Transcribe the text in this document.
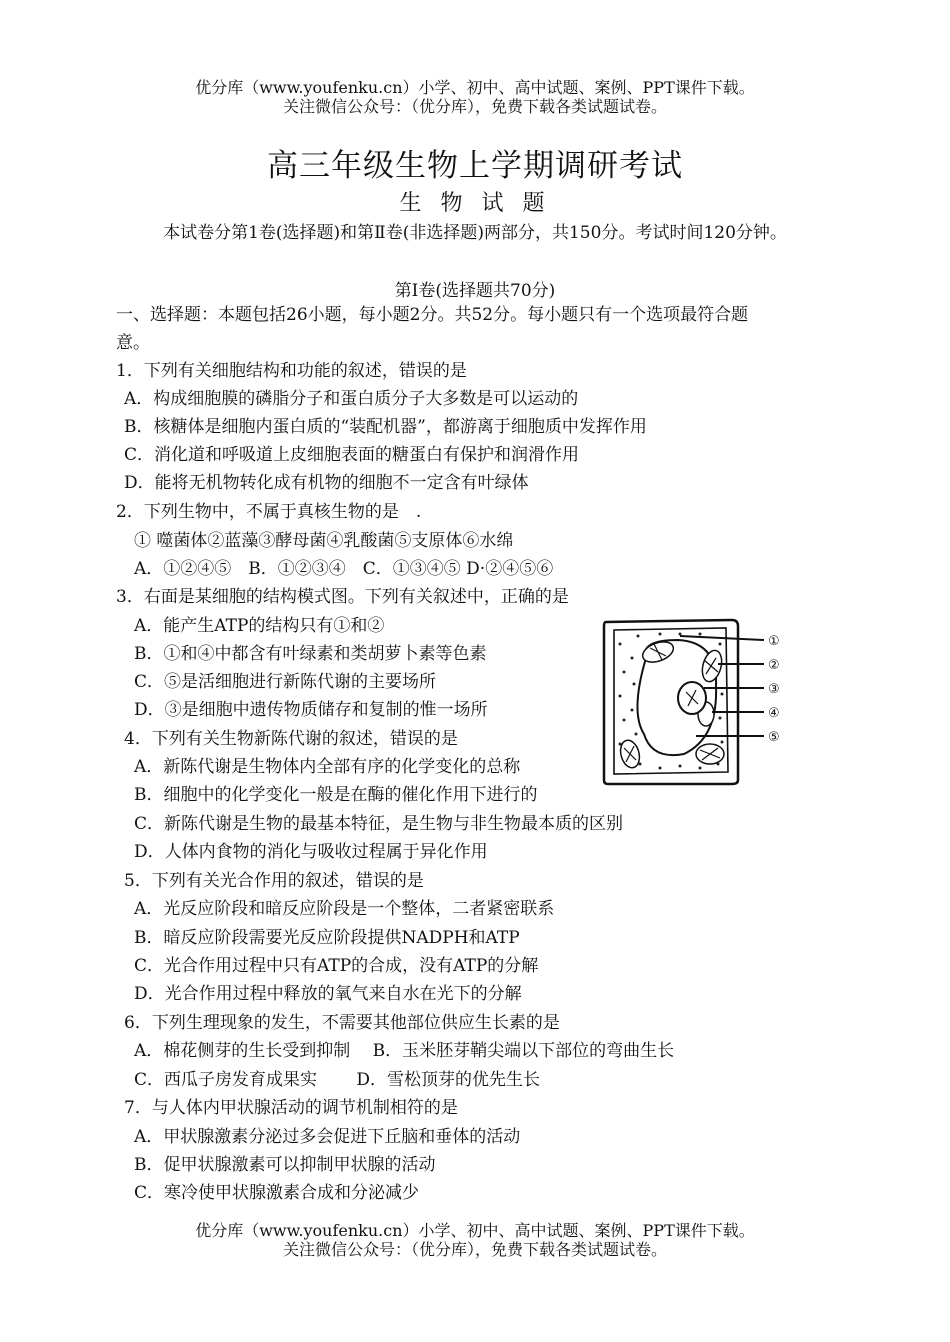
优分库（www.youfenku.cn）小学、初中、高中试题、案例、PPT课件下载。
关注微信公众号：（优分库），免费下载各类试题试卷。
高三年级生物上学期调研考试
生 物 试 题
本试卷分第1卷(选择题)和第Ⅱ卷(非选择题)两部分，共150分。考试时间120分钟。
第Ⅰ卷(选择题共70分)
一、选择题：本题包括26小题，每小题2分。共52分。每小题只有一个选项最符合题
意。
1．下列有关细胞结构和功能的叙述，错误的是
A．构成细胞膜的磷脂分子和蛋白质分子大多数是可以运动的
B．核糖体是细胞内蛋白质的“装配机器”，都游离于细胞质中发挥作用
C．消化道和呼吸道上皮细胞表面的糖蛋白有保护和润滑作用
D．能将无机物转化成有机物的细胞不一定含有叶绿体
2．下列生物中，不属于真核生物的是　.
① 噬菌体②蓝藻③酵母菌④乳酸菌⑤支原体⑥水绵
A．①②④⑤　B．①②③④　C．①③④⑤ D·②④⑤⑥
3．右面是某细胞的结构模式图。下列有关叙述中，正确的是
A．能产生ATP的结构只有①和②
B．①和④中都含有叶绿素和类胡萝卜素等色素
C．⑤是活细胞进行新陈代谢的主要场所
D．③是细胞中遗传物质储存和复制的惟一场所
①
②
③
④
⑤
4．下列有关生物新陈代谢的叙述，错误的是
A．新陈代谢是生物体内全部有序的化学变化的总称
B．细胞中的化学变化一般是在酶的催化作用下进行的
C．新陈代谢是生物的最基本特征，是生物与非生物最本质的区别
D．人体内食物的消化与吸收过程属于异化作用
5．下列有关光合作用的叙述，错误的是
A．光反应阶段和暗反应阶段是一个整体，二者紧密联系
B．暗反应阶段需要光反应阶段提供NADPH和ATP
C．光合作用过程中只有ATP的合成，没有ATP的分解
D．光合作用过程中释放的氧气来自水在光下的分解
6．下列生理现象的发生，不需要其他部位供应生长素的是
A．棉花侧芽的生长受到抑制　 B．玉米胚芽鞘尖端以下部位的弯曲生长
C．西瓜子房发育成果实　　 D．雪松顶芽的优先生长
7．与人体内甲状腺活动的调节机制相符的是
A．甲状腺激素分泌过多会促进下丘脑和垂体的活动
B．促甲状腺激素可以抑制甲状腺的活动
C．寒冷使甲状腺激素合成和分泌减少
优分库（www.youfenku.cn）小学、初中、高中试题、案例、PPT课件下载。
关注微信公众号：（优分库），免费下载各类试题试卷。
